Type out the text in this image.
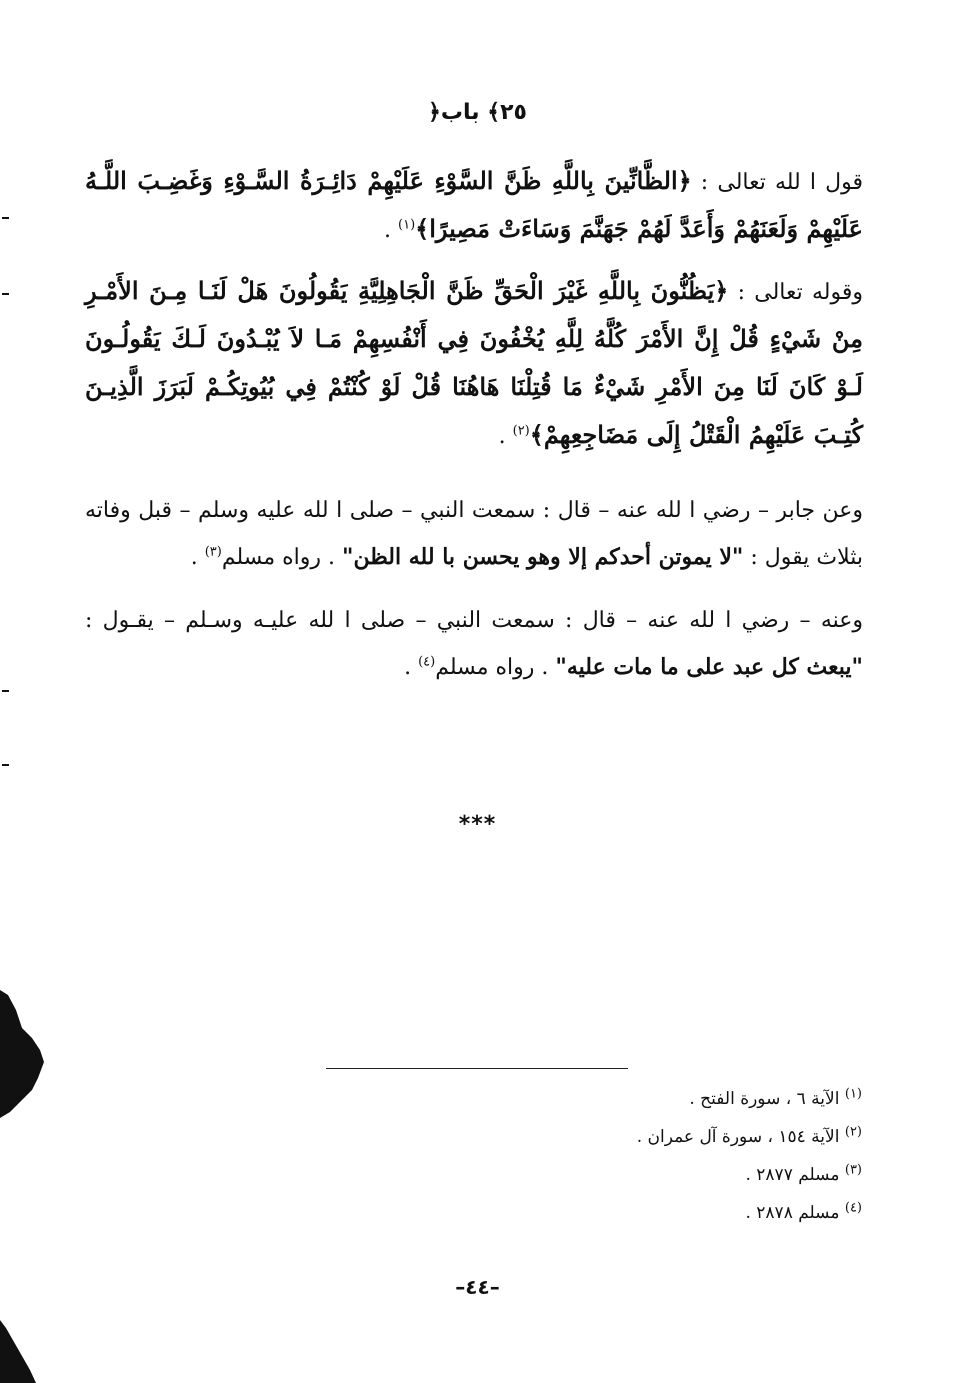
﴿٢٥﴾ باب
قول ا لله تعالى : ﴿الظَّانِّينَ بِاللَّهِ ظَنَّ السَّوْءِ عَلَيْهِمْ دَائِـرَةُ السَّـوْءِ وَغَضِـبَ اللَّـهُ عَلَيْهِمْ وَلَعَنَهُمْ وَأَعَدَّ لَهُمْ جَهَنَّمَ وَسَاءَتْ مَصِيرًا﴾$^{(١)}$ .
وقوله تعالى : ﴿يَظُنُّونَ بِاللَّهِ غَيْرَ الْحَقِّ ظَنَّ الْجَاهِلِيَّةِ يَقُولُونَ هَلْ لَنَـا مِـنَ الأَمْـرِ مِنْ شَيْءٍ قُلْ إِنَّ الأَمْرَ كُلَّهُ لِلَّهِ يُخْفُونَ فِي أَنْفُسِهِمْ مَـا لاَ يُبْـدُونَ لَـكَ يَقُولُـونَ لَـوْ كَانَ لَنَا مِنَ الأَمْرِ شَيْءٌ مَا قُتِلْنَا هَاهُنَا قُلْ لَوْ كُنْتُمْ فِي بُيُوتِكُـمْ لَبَرَزَ الَّذِيـنَ كُتِـبَ عَلَيْهِمُ الْقَتْلُ إِلَى مَضَاجِعِهِمْ﴾$^{(٢)}$ .
وعن جابر – رضي ا لله عنه – قال : سمعت النبي – صلى ا لله عليه وسلم – قبل وفاته بثلاث يقول : "لا يموتن أحدكم إلا وهو يحسن با لله الظن" . رواه مسلم$^{(٣)}$ .
وعنه – رضي ا لله عنه – قال : سمعت النبي – صلى ا لله عليـه وسـلم – يقـول : "يبعث كل عبد على ما مات عليه" . رواه مسلم$^{(٤)}$ .
***
$^{(١)}$ الآية ٦ ، سورة الفتح .
$^{(٢)}$ الآية ١٥٤ ، سورة آل عمران .
$^{(٣)}$ مسلم ٢٨٧٧ .
$^{(٤)}$ مسلم ٢٨٧٨ .
–٤٤–
